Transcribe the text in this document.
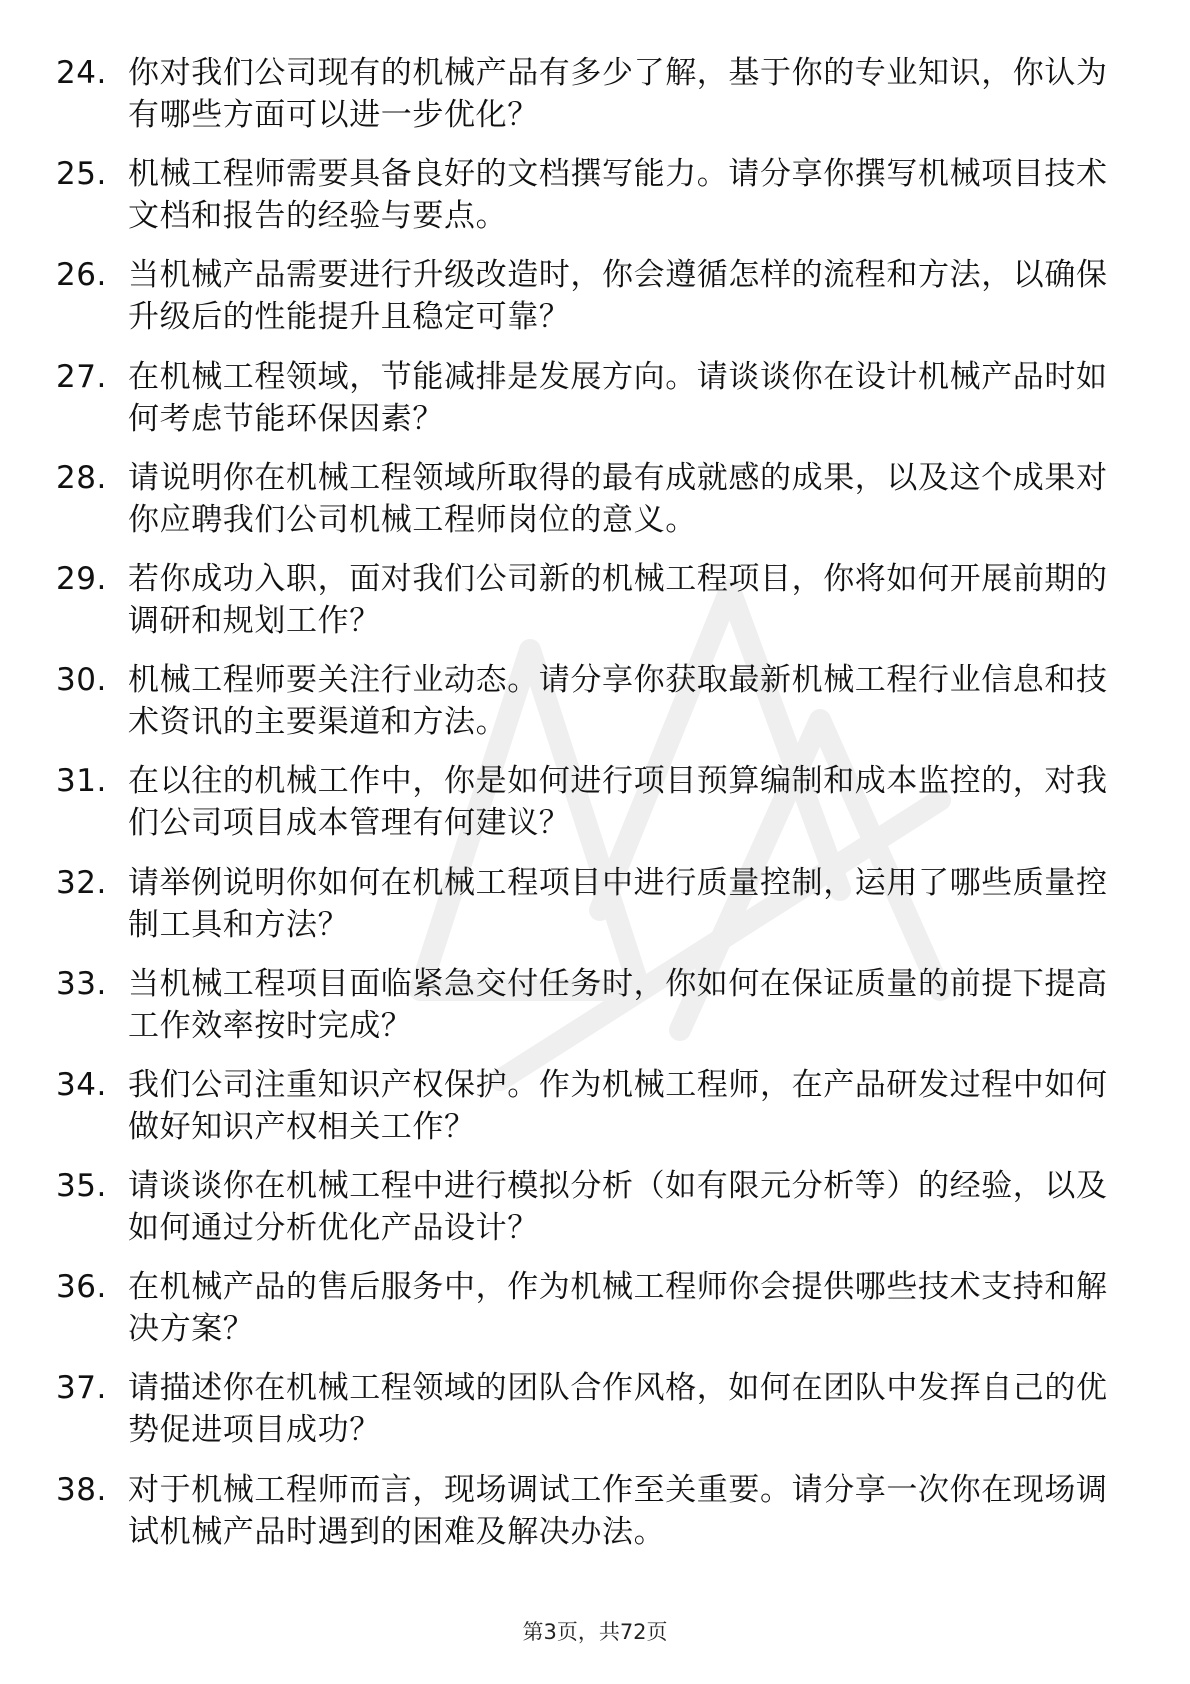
24. 你对我们公司现有的机械产品有多少了解，基于你的专业知识，你认为有哪些方面可以进一步优化？
25. 机械工程师需要具备良好的文档撰写能力。请分享你撰写机械项目技术文档和报告的经验与要点。
26. 当机械产品需要进行升级改造时，你会遵循怎样的流程和方法，以确保升级后的性能提升且稳定可靠？
27. 在机械工程领域，节能减排是发展方向。请谈谈你在设计机械产品时如何考虑节能环保因素？
28. 请说明你在机械工程领域所取得的最有成就感的成果，以及这个成果对你应聘我们公司机械工程师岗位的意义。
29. 若你成功入职，面对我们公司新的机械工程项目，你将如何开展前期的调研和规划工作？
30. 机械工程师要关注行业动态。请分享你获取最新机械工程行业信息和技术资讯的主要渠道和方法。
31. 在以往的机械工作中，你是如何进行项目预算编制和成本监控的，对我们公司项目成本管理有何建议？
32. 请举例说明你如何在机械工程项目中进行质量控制，运用了哪些质量控制工具和方法？
33. 当机械工程项目面临紧急交付任务时，你如何在保证质量的前提下提高工作效率按时完成？
34. 我们公司注重知识产权保护。作为机械工程师，在产品研发过程中如何做好知识产权相关工作？
35. 请谈谈你在机械工程中进行模拟分析（如有限元分析等）的经验，以及如何通过分析优化产品设计？
36. 在机械产品的售后服务中，作为机械工程师你会提供哪些技术支持和解决方案？
37. 请描述你在机械工程领域的团队合作风格，如何在团队中发挥自己的优势促进项目成功？
38. 对于机械工程师而言，现场调试工作至关重要。请分享一次你在现场调试机械产品时遇到的困难及解决办法。
第3页，共72页
